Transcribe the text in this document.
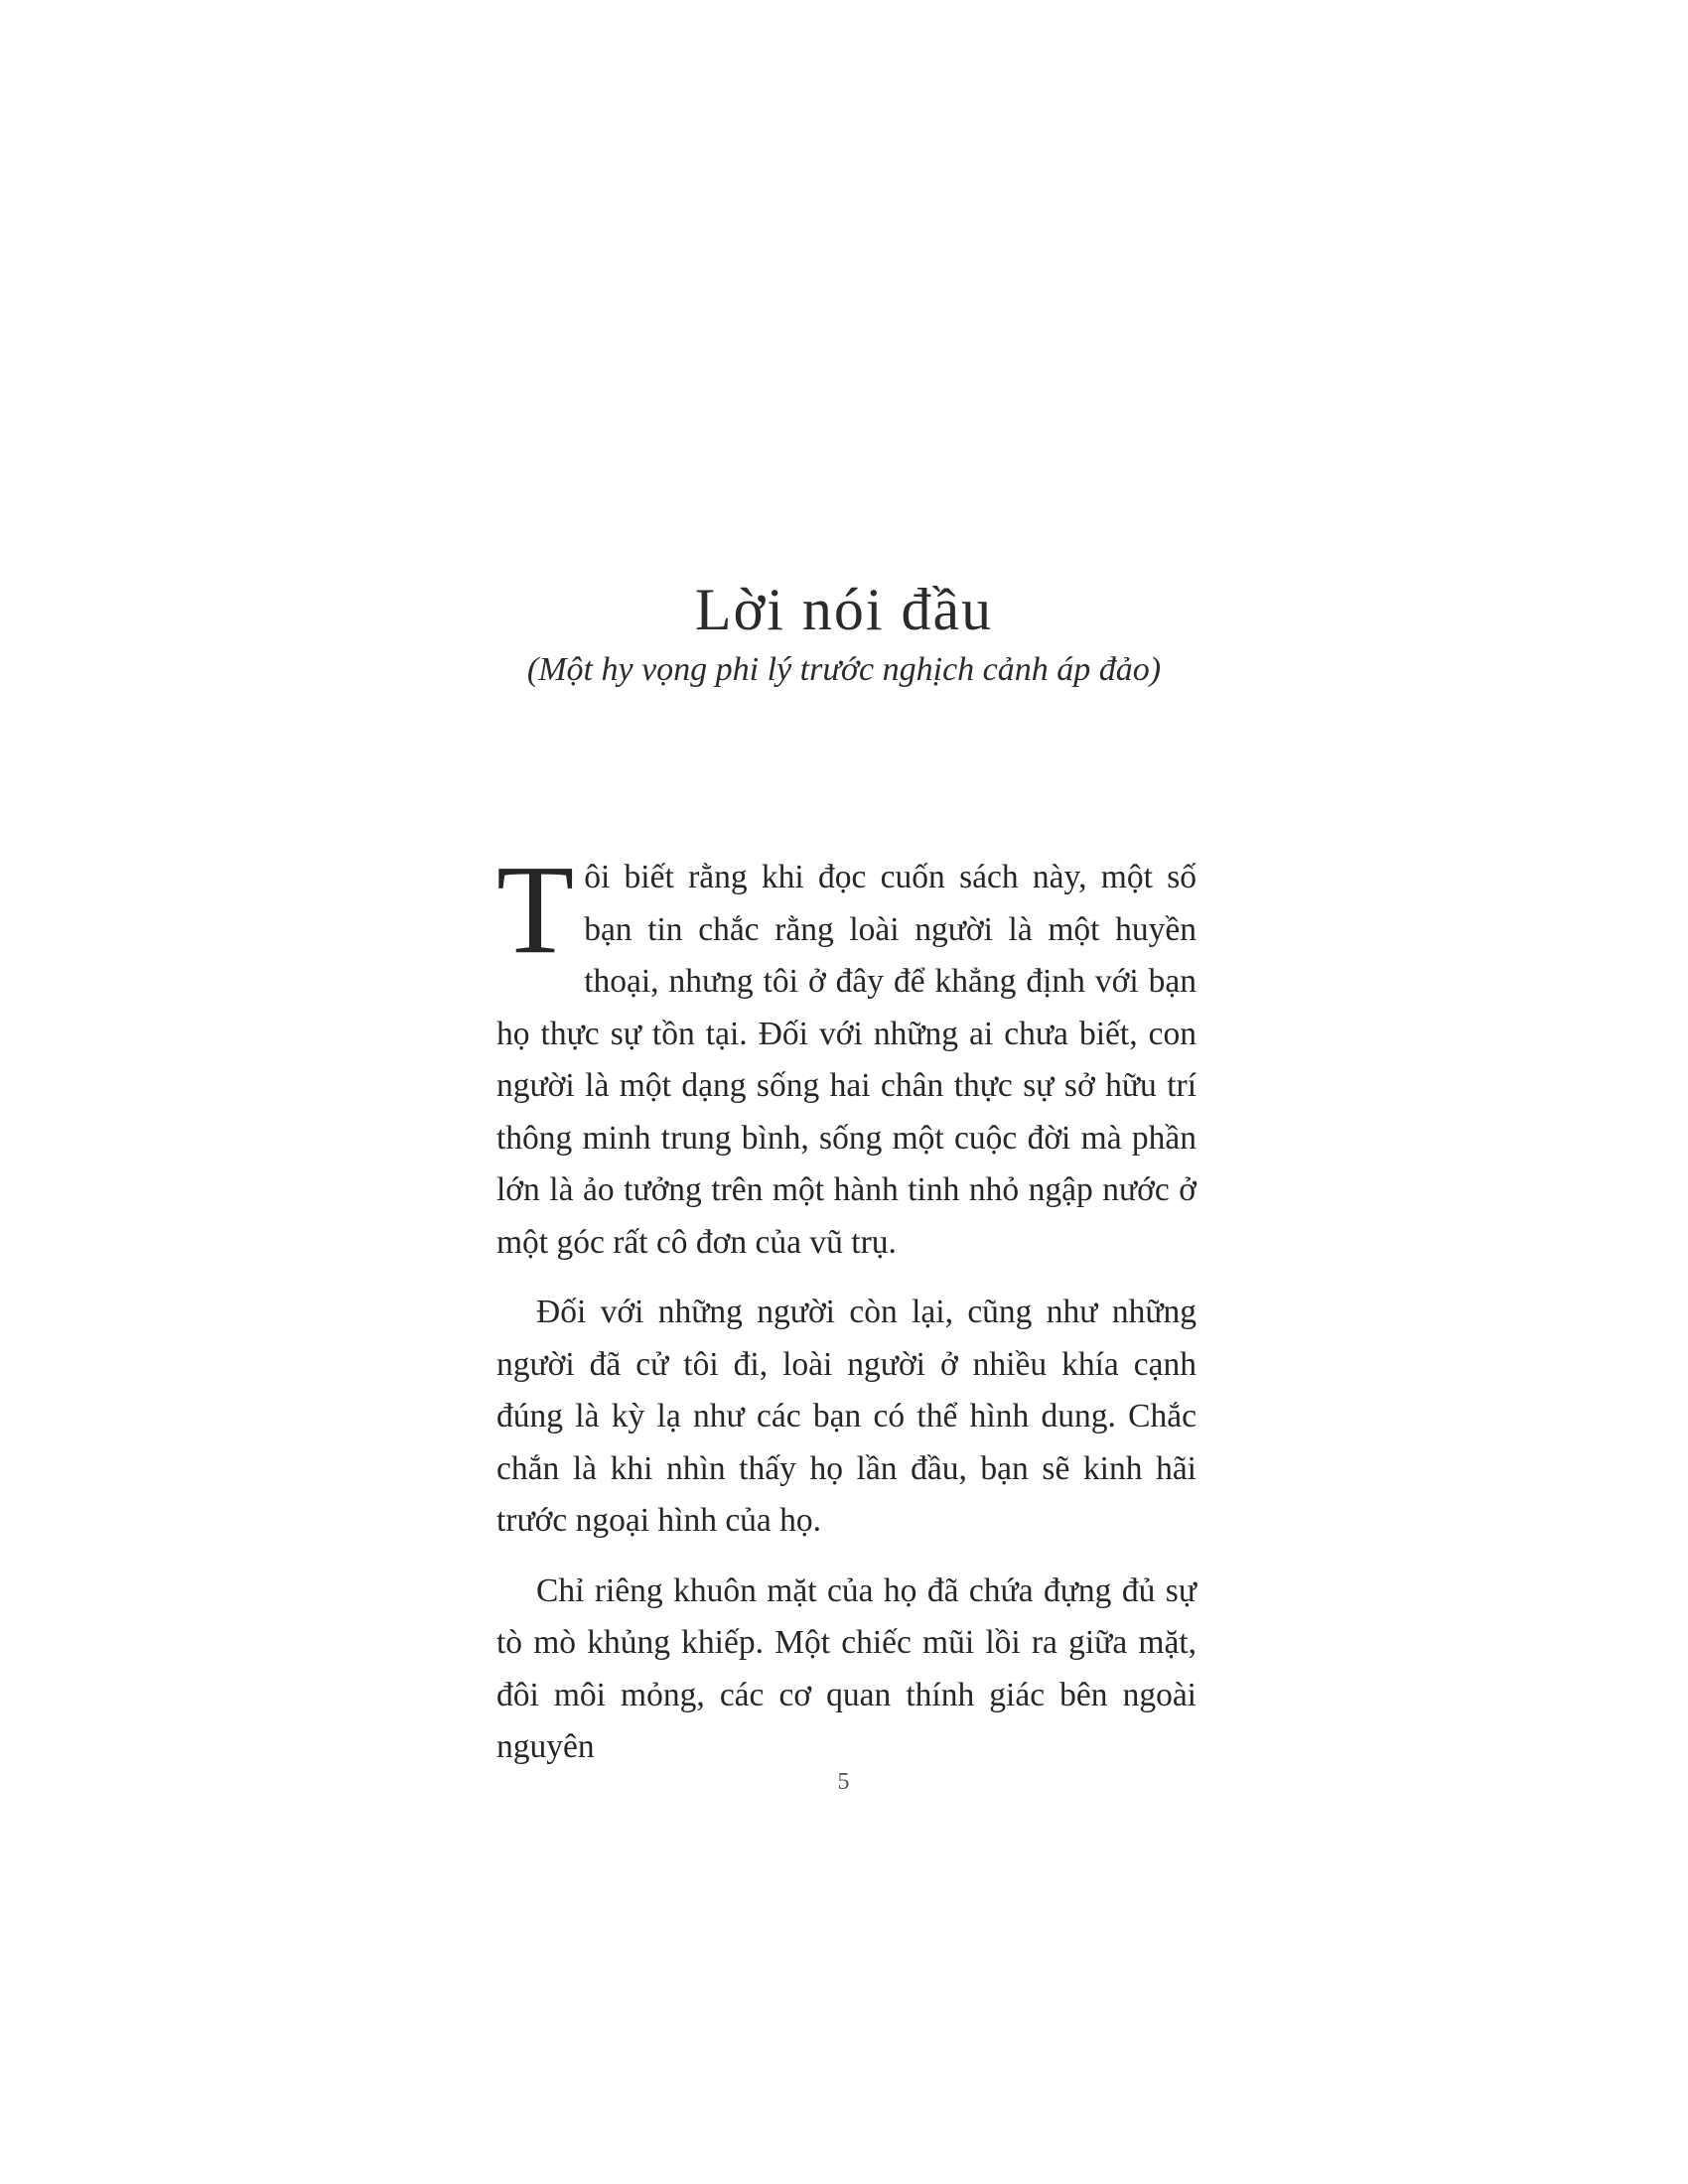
Lời nói đầu
(Một hy vọng phi lý trước nghịch cảnh áp đảo)

Tôi biết rằng khi đọc cuốn sách này, một số bạn tin chắc rằng loài người là một huyền thoại, nhưng tôi ở đây để khẳng định với bạn họ thực sự tồn tại. Đối với những ai chưa biết, con người là một dạng sống hai chân thực sự sở hữu trí thông minh trung bình, sống một cuộc đời mà phần lớn là ảo tưởng trên một hành tinh nhỏ ngập nước ở một góc rất cô đơn của vũ trụ.

Đối với những người còn lại, cũng như những người đã cử tôi đi, loài người ở nhiều khía cạnh đúng là kỳ lạ như các bạn có thể hình dung. Chắc chắn là khi nhìn thấy họ lần đầu, bạn sẽ kinh hãi trước ngoại hình của họ.

Chỉ riêng khuôn mặt của họ đã chứa đựng đủ sự tò mò khủng khiếp. Một chiếc mũi lồi ra giữa mặt, đôi môi mỏng, các cơ quan thính giác bên ngoài nguyên

5
